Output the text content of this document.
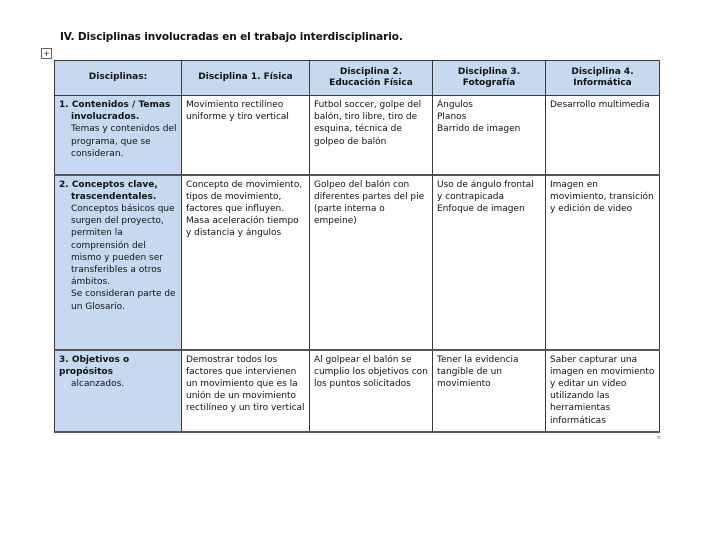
IV. Disciplinas involucradas en el trabajo interdisciplinario.
+
Disciplinas:	Disciplina 1. Física	Disciplina 2. Educación Física	Disciplina 3. Fotografía	Disciplina 4. Informática

1. Contenidos / Temas
involucrados.
Temas y contenidos del programa, que se consideran.	Movimiento rectilíneo uniforme y tiro vertical	Futbol soccer, golpe del balón, tiro libre, tiro de esquina, técnica de golpeo de balón	Ángulos
Planos
Barrido de imagen	Desarrollo multimedia

2. Conceptos clave,
trascendentales.
Conceptos básicos que surgen del proyecto, permiten la comprensión del mismo y pueden ser transferibles a otros ámbitos.
Se consideran parte de un Glosario.	Concepto de movimiento, tipos de movimiento, factores que influyen. Masa aceleración tiempo y distancia y ángulos	Golpeo del balón con diferentes partes del pie (parte interna o empeine)	Uso de ángulo frontal y contrapicada
Enfoque de imagen	Imagen en movimiento, transición y edición de video

3. Objetivos o propósitos
alcanzados.	Demostrar todos los factores que intervienen un movimiento que es la unión de un movimiento rectilíneo y un tiro vertical	Al golpear el balón se cumplio los objetivos con los puntos solicitados	Tener la evidencia tangible de un movimiento	Saber capturar una imagen en movimiento y editar un video utilizando las herramientas informáticas
¤
